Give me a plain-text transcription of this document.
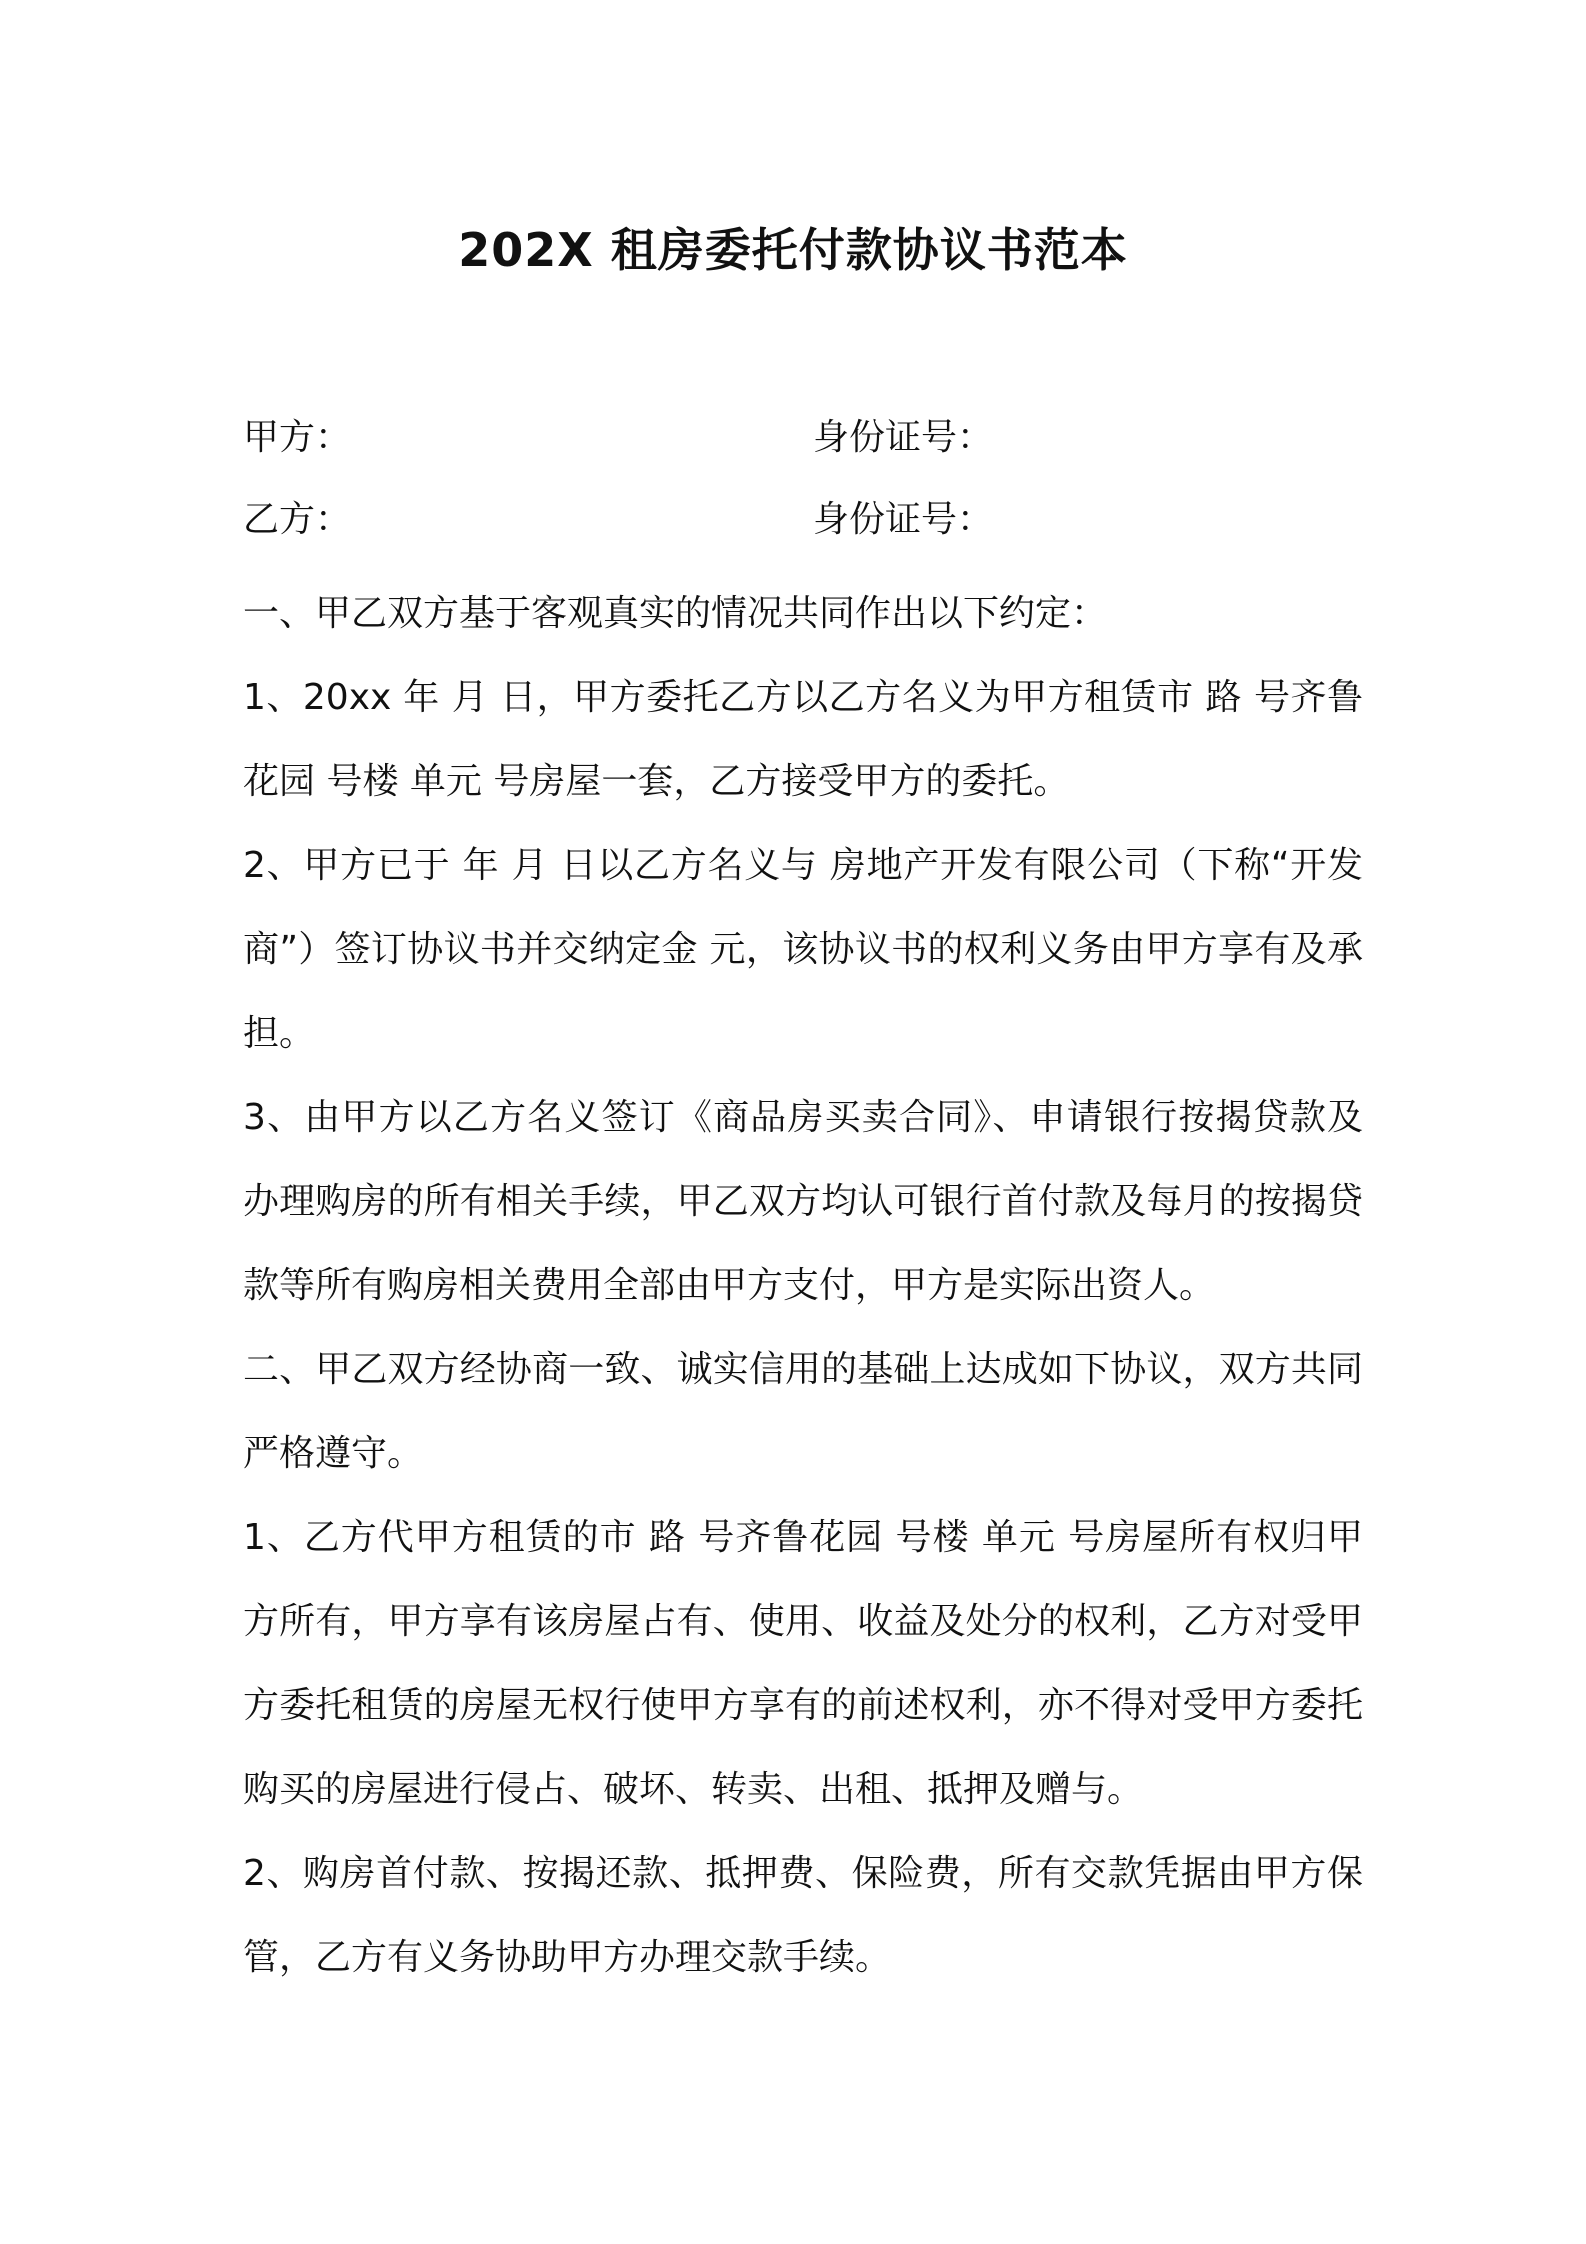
202X 租房委托付款协议书范本
甲方：	身份证号：
乙方：	身份证号：

一、甲乙双方基于客观真实的情况共同作出以下约定：

1、20xx 年 月 日，甲方委托乙方以乙方名义为甲方租赁市 路 号齐鲁花园 号楼 单元 号房屋一套，乙方接受甲方的委托。

2、甲方已于 年 月 日以乙方名义与 房地产开发有限公司（下称“开发商”）签订协议书并交纳定金 元，该协议书的权利义务由甲方享有及承担。

3、由甲方以乙方名义签订《商品房买卖合同》、申请银行按揭贷款及办理购房的所有相关手续，甲乙双方均认可银行首付款及每月的按揭贷款等所有购房相关费用全部由甲方支付，甲方是实际出资人。

二、甲乙双方经协商一致、诚实信用的基础上达成如下协议，双方共同严格遵守。

1、乙方代甲方租赁的市 路 号齐鲁花园 号楼 单元 号房屋所有权归甲方所有，甲方享有该房屋占有、使用、收益及处分的权利，乙方对受甲方委托租赁的房屋无权行使甲方享有的前述权利，亦不得对受甲方委托购买的房屋进行侵占、破坏、转卖、出租、抵押及赠与。

2、购房首付款、按揭还款、抵押费、保险费，所有交款凭据由甲方保管，乙方有义务协助甲方办理交款手续。
